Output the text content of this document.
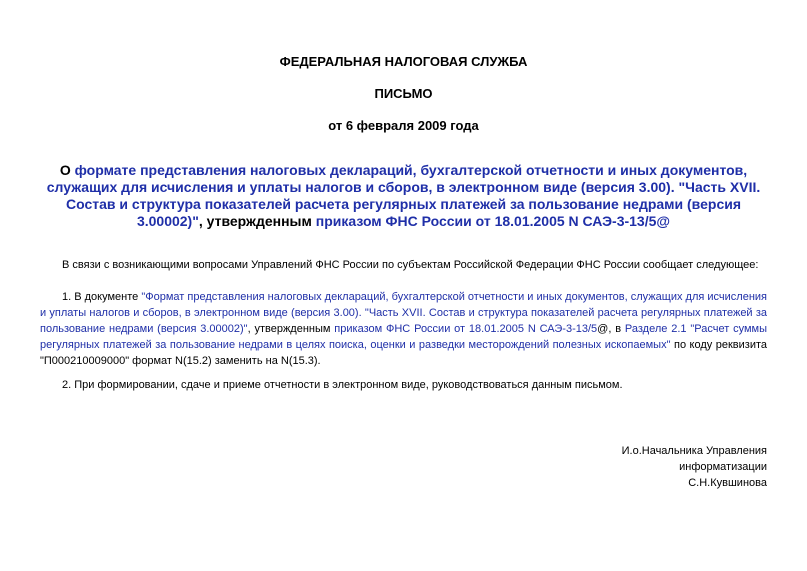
ФЕДЕРАЛЬНАЯ НАЛОГОВАЯ СЛУЖБА
ПИСЬМО
от 6 февраля 2009 года
О формате представления налоговых деклараций, бухгалтерской отчетности и иных документов, служащих для исчисления и уплаты налогов и сборов, в электронном виде (версия 3.00). "Часть XVII. Состав и структура показателей расчета регулярных платежей за пользование недрами (версия 3.00002)", утвержденным приказом ФНС России от 18.01.2005 N САЭ-3-13/5@
В связи с возникающими вопросами Управлений ФНС России по субъектам Российской Федерации ФНС России сообщает следующее:
1. В документе "Формат представления налоговых деклараций, бухгалтерской отчетности и иных документов, служащих для исчисления и уплаты налогов и сборов, в электронном виде (версия 3.00). "Часть XVII. Состав и структура показателей расчета регулярных платежей за пользование недрами (версия 3.00002)", утвержденным приказом ФНС России от 18.01.2005 N САЭ-3-13/5@, в Разделе 2.1 "Расчет суммы регулярных платежей за пользование недрами в целях поиска, оценки и разведки месторождений полезных ископаемых" по коду реквизита "П000210009000" формат N(15.2) заменить на N(15.3).
2. При формировании, сдаче и приеме отчетности в электронном виде, руководствоваться данным письмом.
И.о.Начальника Управления
информатизации
С.Н.Кувшинова
